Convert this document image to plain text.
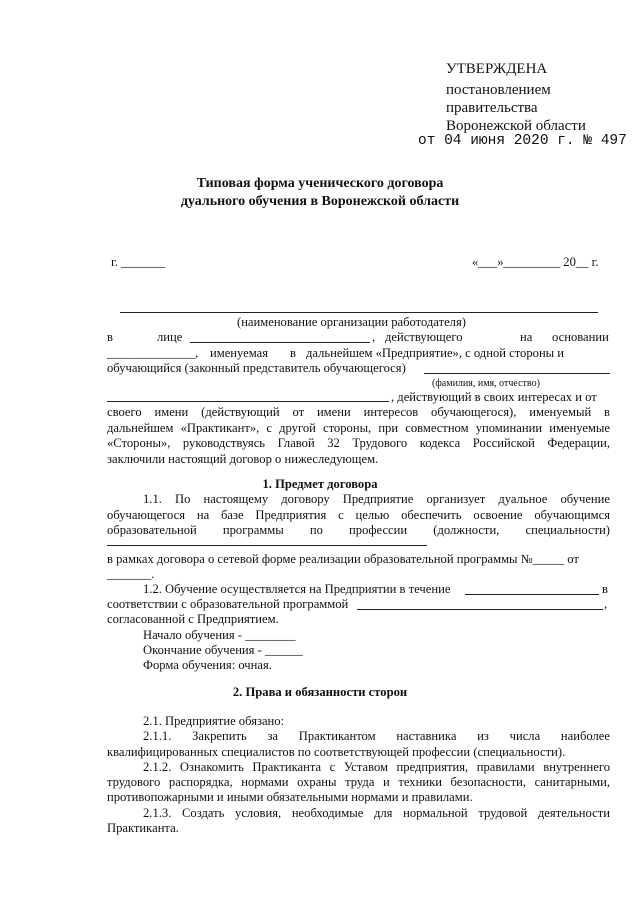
УТВЕРЖДЕНА
постановлением
правительства
Воронежской области
от 04 июня 2020 г. № 497
Типовая форма ученического договора
дуального обучения в Воронежской области
г. _______	«___»_________ 20__ г.
(наименование организации работодателя)
в	лице	, действующего	на основании
______________, именуемая в дальнейшем «Предприятие», с одной стороны и
обучающийся (законный представитель обучающегося)
(фамилия, имя, отчество)
, действующий в своих интересах и от
своего имени (действующий от имени интересов обучающегося), именуемый в
дальнейшем «Практикант», с другой стороны, при совместном упоминании именуемые
«Стороны», руководствуясь Главой 32 Трудового кодекса Российской Федерации,
заключили настоящий договор о нижеследующем.
1. Предмет договора
1.1. По настоящему договору Предприятие организует дуальное обучение
обучающегося на базе Предприятия с целью обеспечить освоение обучающимся
образовательной программы по профессии (должности, специальности)
в рамках договора о сетевой форме реализации образовательной программы №_____ от
_______.
1.2. Обучение осуществляется на Предприятии в течение	в
соответствии с образовательной программой	,
согласованной с Предприятием.
Начало обучения - ________
Окончание обучения - ______
Форма обучения: очная.
2. Права и обязанности сторон
2.1. Предприятие обязано:
2.1.1. Закрепить за Практикантом наставника из числа наиболее
квалифицированных специалистов по соответствующей профессии (специальности).
2.1.2. Ознакомить Практиканта с Уставом предприятия, правилами внутреннего
трудового распорядка, нормами охраны труда и техники безопасности, санитарными,
противопожарными и иными обязательными нормами и правилами.
2.1.3. Создать условия, необходимые для нормальной трудовой деятельности
Практиканта.
